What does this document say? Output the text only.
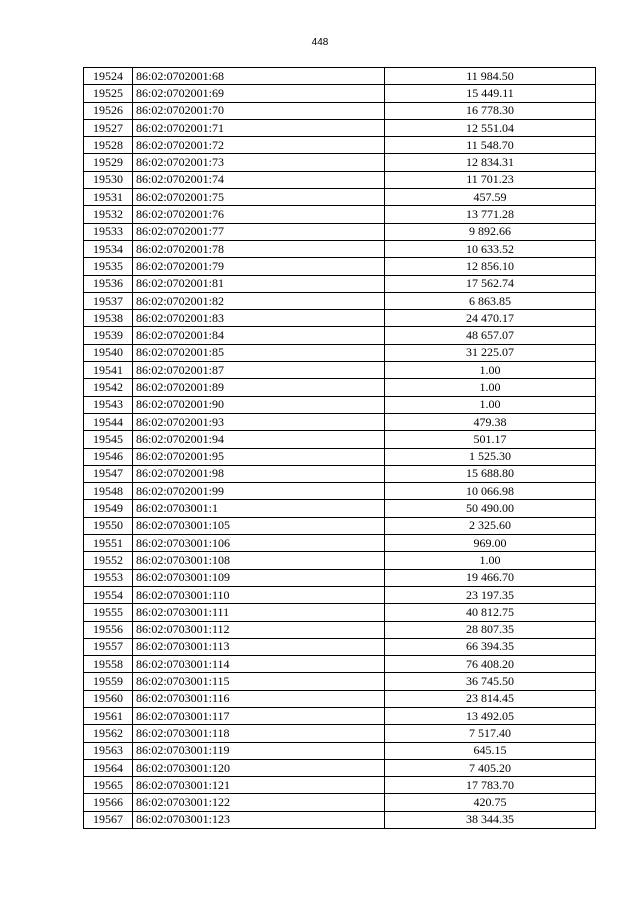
448
19524	86:02:0702001:68	11 984.50
19525	86:02:0702001:69	15 449.11
19526	86:02:0702001:70	16 778.30
19527	86:02:0702001:71	12 551.04
19528	86:02:0702001:72	11 548.70
19529	86:02:0702001:73	12 834.31
19530	86:02:0702001:74	11 701.23
19531	86:02:0702001:75	457.59
19532	86:02:0702001:76	13 771.28
19533	86:02:0702001:77	9 892.66
19534	86:02:0702001:78	10 633.52
19535	86:02:0702001:79	12 856.10
19536	86:02:0702001:81	17 562.74
19537	86:02:0702001:82	6 863.85
19538	86:02:0702001:83	24 470.17
19539	86:02:0702001:84	48 657.07
19540	86:02:0702001:85	31 225.07
19541	86:02:0702001:87	1.00
19542	86:02:0702001:89	1.00
19543	86:02:0702001:90	1.00
19544	86:02:0702001:93	479.38
19545	86:02:0702001:94	501.17
19546	86:02:0702001:95	1 525.30
19547	86:02:0702001:98	15 688.80
19548	86:02:0702001:99	10 066.98
19549	86:02:0703001:1	50 490.00
19550	86:02:0703001:105	2 325.60
19551	86:02:0703001:106	969.00
19552	86:02:0703001:108	1.00
19553	86:02:0703001:109	19 466.70
19554	86:02:0703001:110	23 197.35
19555	86:02:0703001:111	40 812.75
19556	86:02:0703001:112	28 807.35
19557	86:02:0703001:113	66 394.35
19558	86:02:0703001:114	76 408.20
19559	86:02:0703001:115	36 745.50
19560	86:02:0703001:116	23 814.45
19561	86:02:0703001:117	13 492.05
19562	86:02:0703001:118	7 517.40
19563	86:02:0703001:119	645.15
19564	86:02:0703001:120	7 405.20
19565	86:02:0703001:121	17 783.70
19566	86:02:0703001:122	420.75
19567	86:02:0703001:123	38 344.35
